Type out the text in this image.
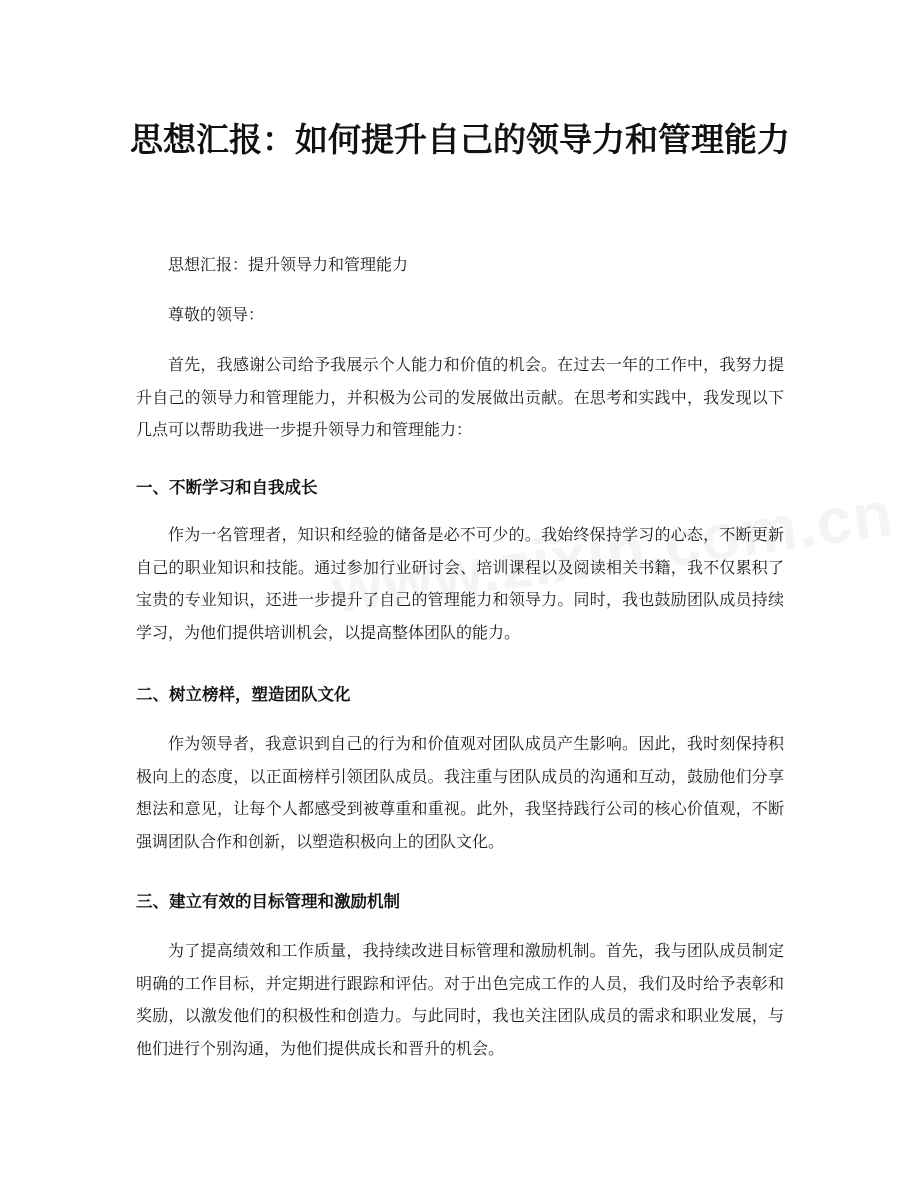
思想汇报：如何提升自己的领导力和管理能力

思想汇报：提升领导力和管理能力

尊敬的领导：

首先，我感谢公司给予我展示个人能力和价值的机会。在过去一年的工作中，我努力提升自己的领导力和管理能力，并积极为公司的发展做出贡献。在思考和实践中，我发现以下几点可以帮助我进一步提升领导力和管理能力：

一、不断学习和自我成长

作为一名管理者，知识和经验的储备是必不可少的。我始终保持学习的心态，不断更新自己的职业知识和技能。通过参加行业研讨会、培训课程以及阅读相关书籍，我不仅累积了宝贵的专业知识，还进一步提升了自己的管理能力和领导力。同时，我也鼓励团队成员持续学习，为他们提供培训机会，以提高整体团队的能力。

二、树立榜样，塑造团队文化

作为领导者，我意识到自己的行为和价值观对团队成员产生影响。因此，我时刻保持积极向上的态度，以正面榜样引领团队成员。我注重与团队成员的沟通和互动，鼓励他们分享想法和意见，让每个人都感受到被尊重和重视。此外，我坚持践行公司的核心价值观，不断强调团队合作和创新，以塑造积极向上的团队文化。

三、建立有效的目标管理和激励机制

为了提高绩效和工作质量，我持续改进目标管理和激励机制。首先，我与团队成员制定明确的工作目标，并定期进行跟踪和评估。对于出色完成工作的人员，我们及时给予表彰和奖励，以激发他们的积极性和创造力。与此同时，我也关注团队成员的需求和职业发展，与他们进行个别沟通，为他们提供成长和晋升的机会。
